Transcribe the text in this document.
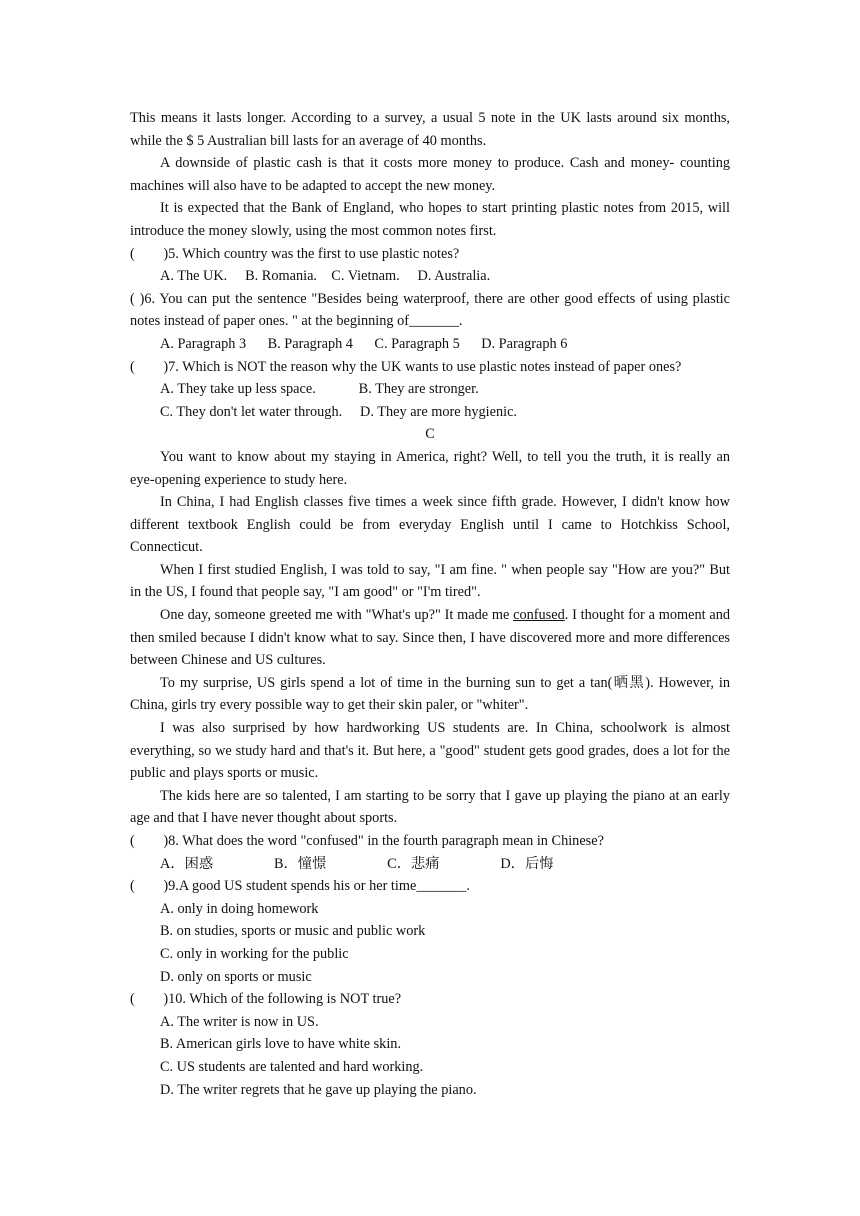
This means it lasts longer. According to a survey, a usual 5 note in the UK lasts around six months, while the $ 5 Australian bill lasts for an average of 40 months.

A downside of plastic cash is that it costs more money to produce. Cash and money- counting machines will also have to be adapted to accept the new money.

It is expected that the Bank of England, who hopes to start printing plastic notes from 2015, will introduce the money slowly, using the most common notes first.

(        )5. Which country was the first to use plastic notes?

A. The UK.     B. Romania.    C. Vietnam.     D. Australia.

( )6. You can put the sentence "Besides being waterproof, there are other good effects of using plastic notes instead of paper ones. " at the beginning of_______.

A. Paragraph 3      B. Paragraph 4      C. Paragraph 5      D. Paragraph 6

(        )7. Which is NOT the reason why the UK wants to use plastic notes instead of paper ones?

A. They take up less space.            B. They are stronger.

C. They don't let water through.     D. They are more hygienic.

C

You want to know about my staying in America, right? Well, to tell you the truth, it is really an eye-opening experience to study here.

In China, I had English classes five times a week since fifth grade. However, I didn't know how different textbook English could be from everyday English until I came to Hotchkiss School, Connecticut.

When I first studied English, I was told to say, "I am fine. " when people say "How are you?" But in the US, I found that people say, "I am good" or "I'm tired".

One day, someone greeted me with "What's up?" It made me confused. I thought for a moment and then smiled because I didn't know what to say. Since then, I have discovered more and more differences between Chinese and US cultures.

To my surprise, US girls spend a lot of time in the burning sun to get a tan(晒黑). However, in China, girls try every possible way to get their skin paler, or "whiter".

I was also surprised by how hardworking US students are. In China, schoolwork is almost everything, so we study hard and that's it. But here, a "good" student gets good grades, does a lot for the public and plays sports or music.

The kids here are so talented, I am starting to be sorry that I gave up playing the piano at an early age and that I have never thought about sports.

(        )8. What does the word "confused" in the fourth paragraph mean in Chinese?

A．困惑                 B．憧憬                 C．悲痛                 D．后悔

(        )9.A good US student spends his or her time_______.

A. only in doing homework

B. on studies, sports or music and public work

C. only in working for the public

D. only on sports or music

(        )10. Which of the following is NOT true?

A. The writer is now in US.

B. American girls love to have white skin.

C. US students are talented and hard working.

D. The writer regrets that he gave up playing the piano.
